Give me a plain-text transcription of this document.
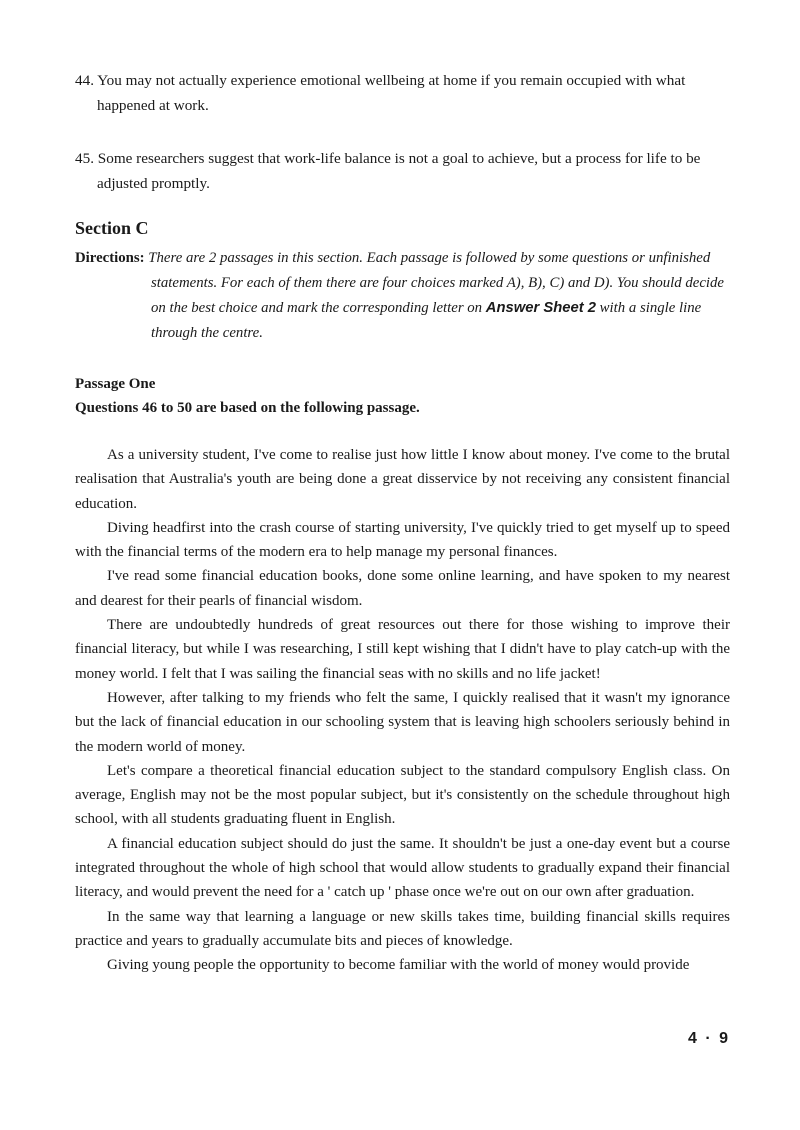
44. You may not actually experience emotional wellbeing at home if you remain occupied with what happened at work.
45. Some researchers suggest that work-life balance is not a goal to achieve, but a process for life to be adjusted promptly.
Section C
Directions: There are 2 passages in this section. Each passage is followed by some questions or unfinished statements. For each of them there are four choices marked A), B), C) and D). You should decide on the best choice and mark the corresponding letter on Answer Sheet 2 with a single line through the centre.
Passage One
Questions 46 to 50 are based on the following passage.

As a university student, I've come to realise just how little I know about money. I've come to the brutal realisation that Australia's youth are being done a great disservice by not receiving any consistent financial education.

Diving headfirst into the crash course of starting university, I've quickly tried to get myself up to speed with the financial terms of the modern era to help manage my personal finances.

I've read some financial education books, done some online learning, and have spoken to my nearest and dearest for their pearls of financial wisdom.

There are undoubtedly hundreds of great resources out there for those wishing to improve their financial literacy, but while I was researching, I still kept wishing that I didn't have to play catch-up with the money world. I felt that I was sailing the financial seas with no skills and no life jacket!

However, after talking to my friends who felt the same, I quickly realised that it wasn't my ignorance but the lack of financial education in our schooling system that is leaving high schoolers seriously behind in the modern world of money.

Let's compare a theoretical financial education subject to the standard compulsory English class. On average, English may not be the most popular subject, but it's consistently on the schedule throughout high school, with all students graduating fluent in English.

A financial education subject should do just the same. It shouldn't be just a one-day event but a course integrated throughout the whole of high school that would allow students to gradually expand their financial literacy, and would prevent the need for a ' catch up ' phase once we're out on our own after graduation.

In the same way that learning a language or new skills takes time, building financial skills requires practice and years to gradually accumulate bits and pieces of knowledge.

Giving young people the opportunity to become familiar with the world of money would provide

4 · 9
